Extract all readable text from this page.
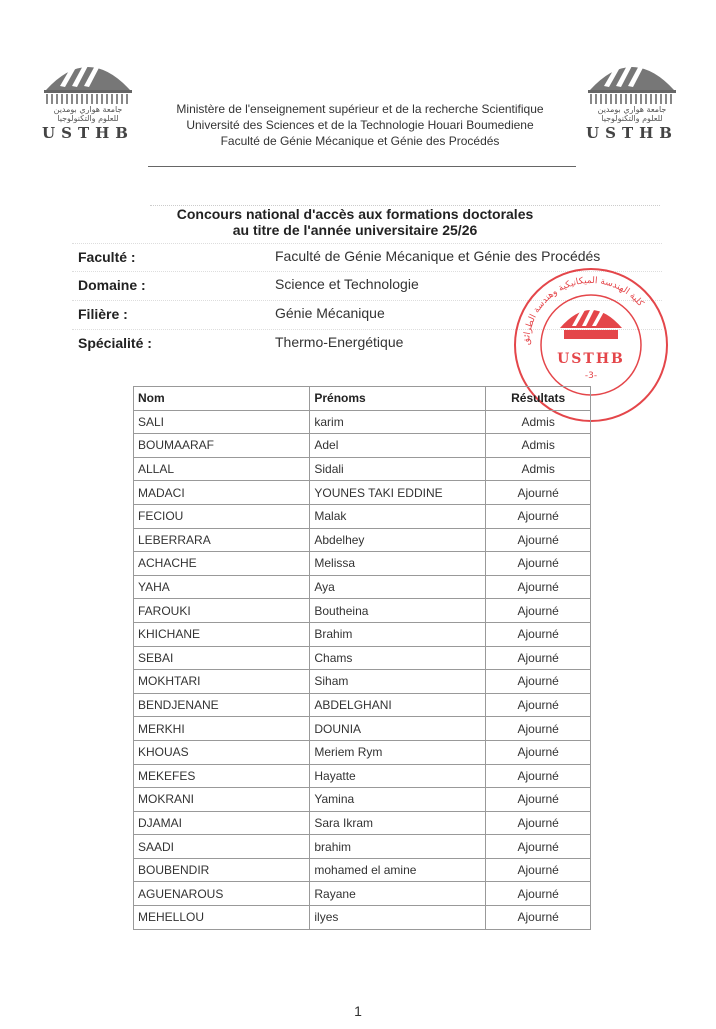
جامعة هواري بومدين
للعلوم والتكنولوجيا
USTHB
جامعة هواري بومدين
للعلوم والتكنولوجيا
USTHB
Ministère de l'enseignement supérieur et de la recherche Scientifique
Université des Sciences et de la Technologie Houari Boumediene
Faculté de Génie Mécanique et Génie des Procédés
Concours national d'accès aux formations doctorales
au titre de l'année universitaire 25/26
Faculté :	Faculté de Génie Mécanique et Génie des Procédés
Domaine :	Science et Technologie
Filière :	Génie Mécanique
Spécialité :	Thermo-Energétique	كلية الهندسة الميكانيكية وهندسة الطرائق
USTHB
-3-
Nom	Prénoms	Résultats
SALI	karim	Admis
BOUMAARAF	Adel	Admis
ALLAL	Sidali	Admis
MADACI	YOUNES TAKI EDDINE	Ajourné
FECIOU	Malak	Ajourné
LEBERRARA	Abdelhey	Ajourné
ACHACHE	Melissa	Ajourné
YAHA	Aya	Ajourné
FAROUKI	Boutheina	Ajourné
KHICHANE	Brahim	Ajourné
SEBAI	Chams	Ajourné
MOKHTARI	Siham	Ajourné
BENDJENANE	ABDELGHANI	Ajourné
MERKHI	DOUNIA	Ajourné
KHOUAS	Meriem Rym	Ajourné
MEKEFES	Hayatte	Ajourné
MOKRANI	Yamina	Ajourné
DJAMAI	Sara Ikram	Ajourné
SAADI	brahim	Ajourné
BOUBENDIR	mohamed el amine	Ajourné
AGUENAROUS	Rayane	Ajourné
MEHELLOU	ilyes	Ajourné
1
